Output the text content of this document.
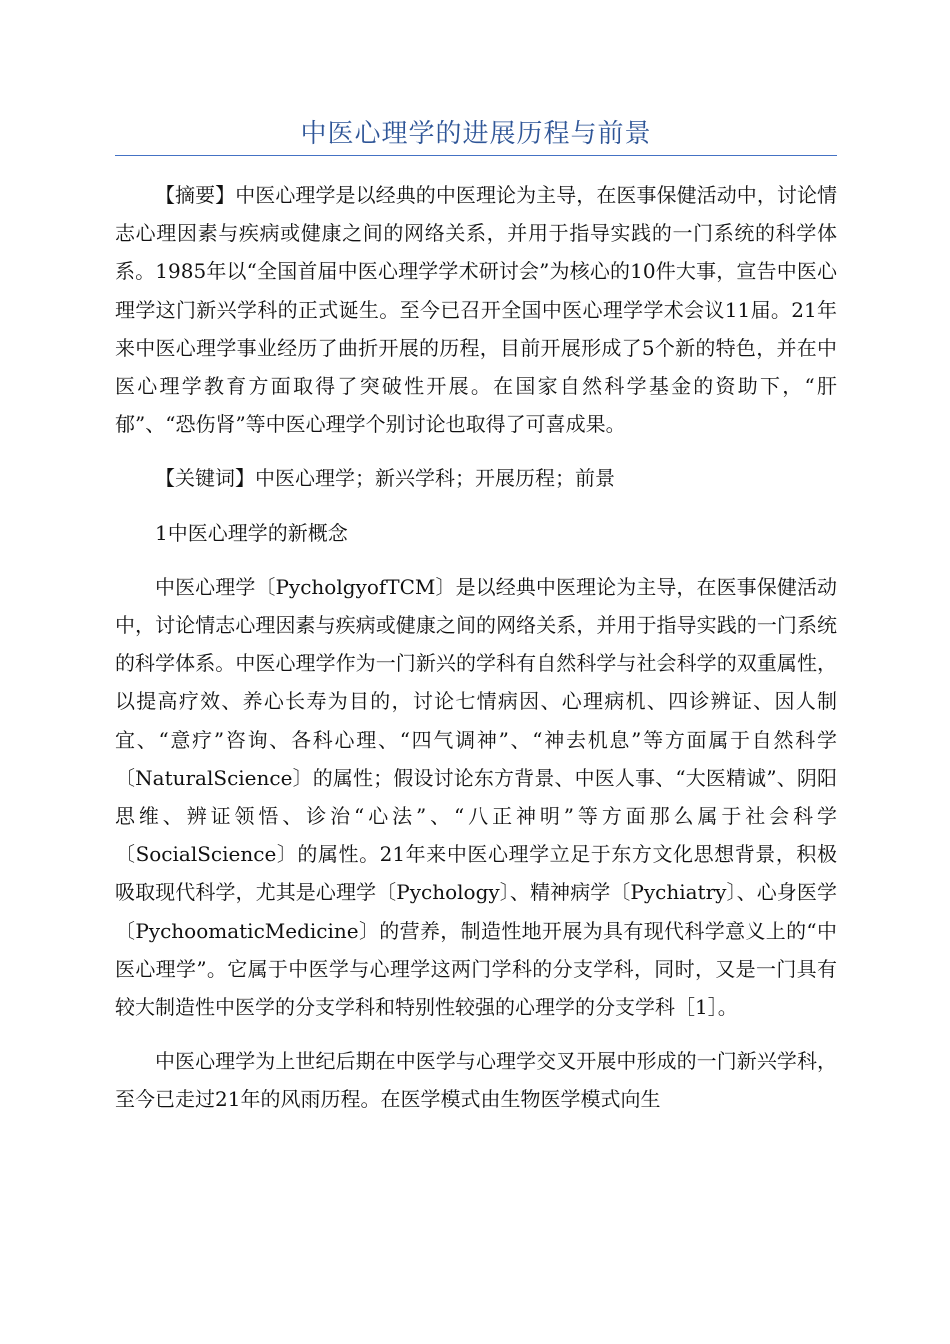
中医心理学的进展历程与前景

【摘要】中医心理学是以经典的中医理论为主导，在医事保健活动中，讨论情志心理因素与疾病或健康之间的网络关系，并用于指导实践的一门系统的科学体系。1985年以“全国首届中医心理学学术研讨会”为核心的10件大事，宣告中医心理学这门新兴学科的正式诞生。至今已召开全国中医心理学学术会议11届。21年来中医心理学事业经历了曲折开展的历程，目前开展形成了5个新的特色，并在中医心理学教育方面取得了突破性开展。在国家自然科学基金的资助下，“肝郁”、“恐伤肾”等中医心理学个别讨论也取得了可喜成果。

【关键词】中医心理学；新兴学科；开展历程；前景

1中医心理学的新概念

中医心理学〔PycholgyofTCM〕是以经典中医理论为主导，在医事保健活动中，讨论情志心理因素与疾病或健康之间的网络关系，并用于指导实践的一门系统的科学体系。中医心理学作为一门新兴的学科有自然科学与社会科学的双重属性，以提高疗效、养心长寿为目的，讨论七情病因、心理病机、四诊辨证、因人制宜、“意疗”咨询、各科心理、“四气调神”、“神去机息”等方面属于自然科学〔NaturalScience〕的属性；假设讨论东方背景、中医人事、“大医精诚”、阴阳思维、辨证领悟、诊治“心法”、“八正神明”等方面那么属于社会科学〔SocialScience〕的属性。21年来中医心理学立足于东方文化思想背景，积极吸取现代科学，尤其是心理学〔Pychology〕、精神病学〔Pychiatry〕、心身医学〔PychoomaticMedicine〕的营养，制造性地开展为具有现代科学意义上的“中医心理学”。它属于中医学与心理学这两门学科的分支学科，同时，又是一门具有较大制造性中医学的分支学科和特别性较强的心理学的分支学科［1］。

中医心理学为上世纪后期在中医学与心理学交叉开展中形成的一门新兴学科，至今已走过21年的风雨历程。在医学模式由生物医学模式向生
